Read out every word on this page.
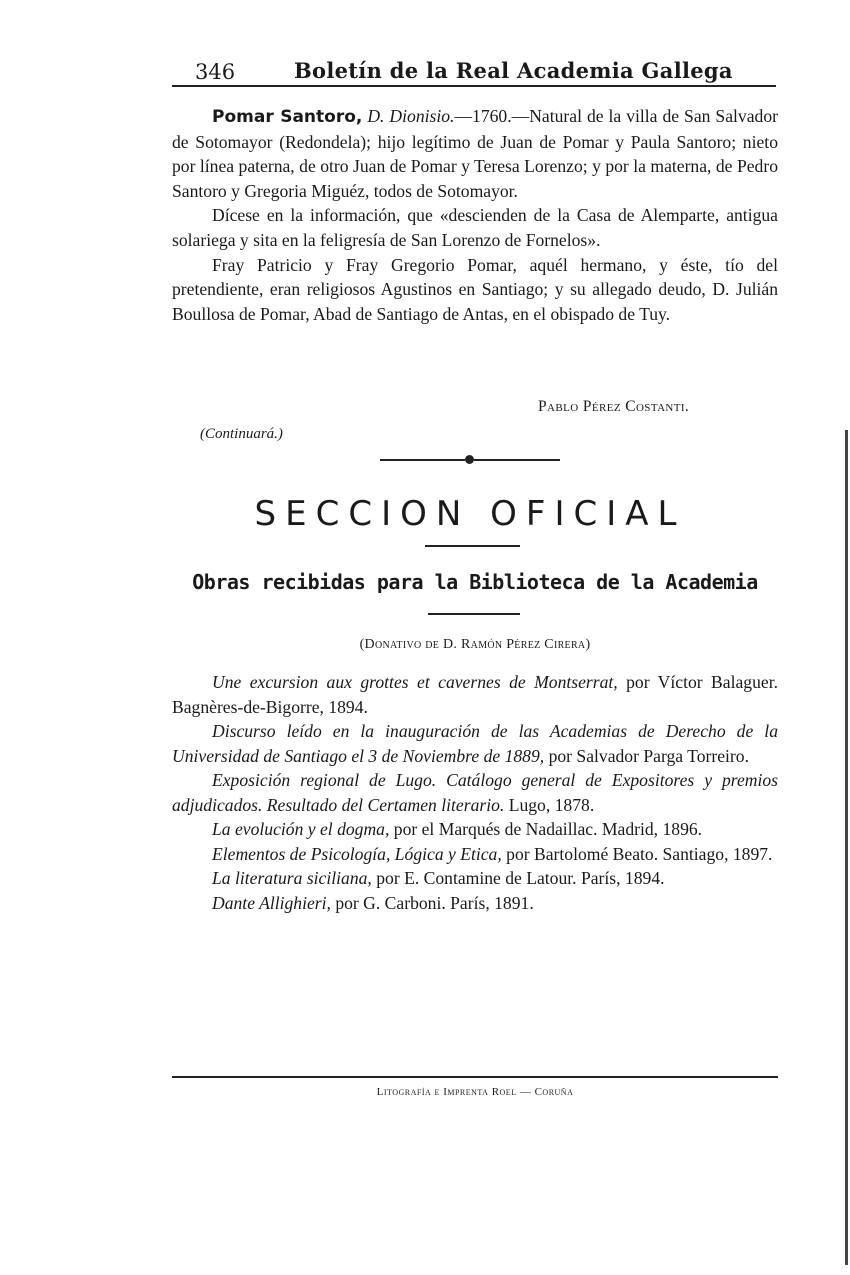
346	Boletín de la Real Academia Gallega

Pomar Santoro, D. Dionisio.—1760.—Natural de la villa de San Salvador de Sotomayor (Redondela); hijo legítimo de Juan de Pomar y Paula Santoro; nieto por línea paterna, de otro Juan de Pomar y Teresa Lorenzo; y por la materna, de Pedro Santoro y Gregoria Miguéz, todos de Sotomayor.

Dícese en la información, que «descienden de la Casa de Alemparte, antigua solariega y sita en la feligresía de San Lorenzo de Fornelos».

Fray Patricio y Fray Gregorio Pomar, aquél hermano, y éste, tío del pretendiente, eran religiosos Agustinos en Santiago; y su allegado deudo, D. Julián Boullosa de Pomar, Abad de Santiago de Antas, en el obispado de Tuy.

Pablo Pérez Costanti.
(Continuará.)
SECCION OFICIAL
Obras recibidas para la Biblioteca de la Academia
(Donativo de D. Ramón Pérez Cirera)

Une excursion aux grottes et cavernes de Montserrat, por Víctor Balaguer. Bagnères-de-Bigorre, 1894.

Discurso leído en la inauguración de las Academias de Derecho de la Universidad de Santiago el 3 de Noviembre de 1889, por Salvador Parga Torreiro.

Exposición regional de Lugo. Catálogo general de Expositores y premios adjudicados. Resultado del Certamen literario. Lugo, 1878.

La evolución y el dogma, por el Marqués de Nadaillac. Madrid, 1896.

Elementos de Psicología, Lógica y Etica, por Bartolomé Beato. Santiago, 1897.

La literatura siciliana, por E. Contamine de Latour. París, 1894.

Dante Allighieri, por G. Carboni. París, 1891.

Litografía e Imprenta Roel — Coruña
